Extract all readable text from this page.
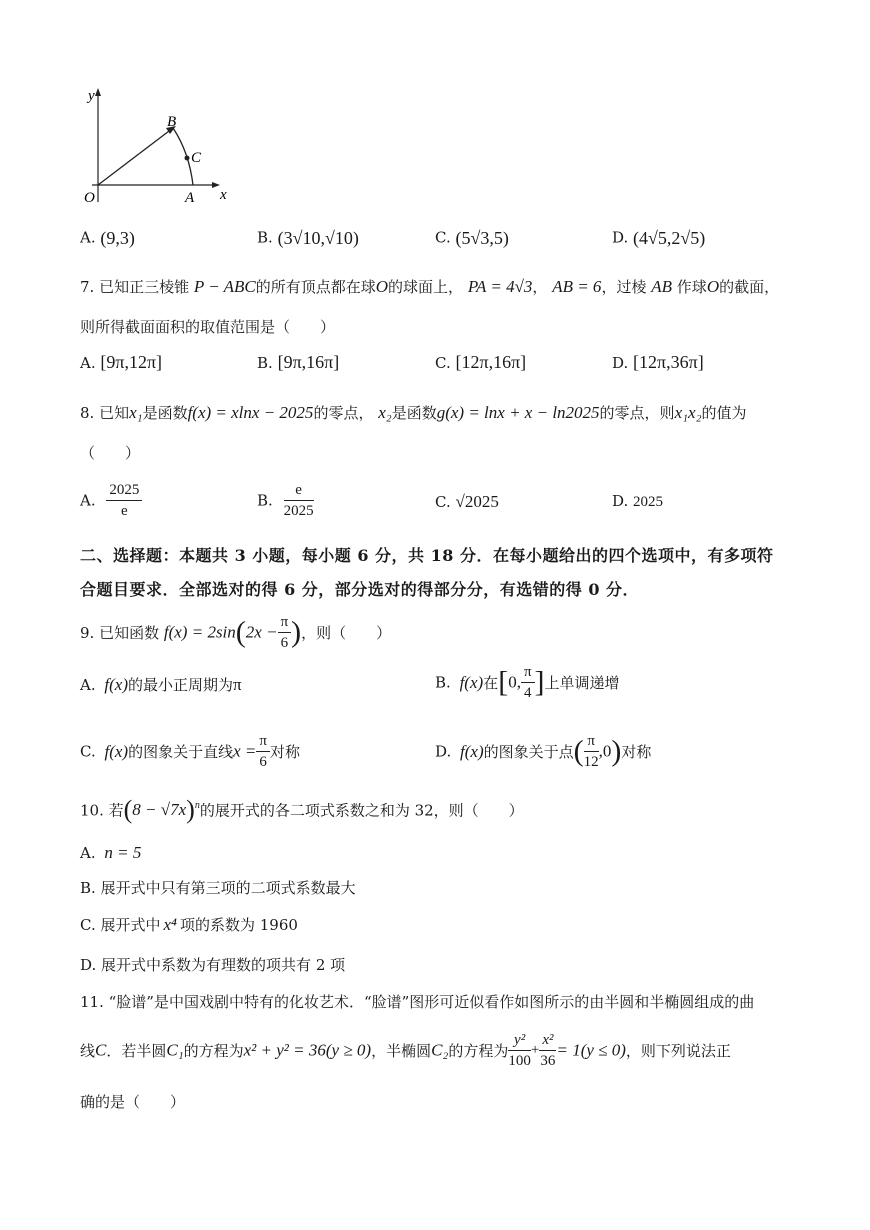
y
x
O	A
B
C
A. (9,3)	B. (3√10,√10)	C. (5√3,5)	D. (4√5,2√5)
7. 已知正三棱锥 P − ABC的所有顶点都在球O的球面上， PA = 4√3， AB = 6，过棱 AB 作球O的截面，
则所得截面面积的取值范围是（　　）
A. [9π,12π]	B. [9π,16π]	C. [12π,16π]	D. [12π,36π]
8. 已知x₁是函数f(x) = xlnx − 2025的零点， x₂是函数g(x) = lnx + x − ln2025的零点，则x₁x₂的值为
（　　）
A. $\frac{2025}{e}$	B. $\frac{e}{2025}$	C. √2025	D. 2025
二、选择题：本题共 3 小题，每小题 6 分，共 18 分．在每小题给出的四个选项中，有多项符
合题目要求．全部选对的得 6 分，部分选对的得部分分，有选错的得 0 分．
9. 已知函数 $f(x) = 2\sin(2x - \frac{\pi}{6}$ )，则（　　）
A. f(x)的最小正周期为π	B. f(x)在[0, $\frac{\pi}{4}$ ]上单调递增
C. f(x)的图象关于直线$x = \frac{\pi}{6}$ 对称	D. f(x)的图象关于点( $\frac{\pi}{12} ,0$)对称
10. 若$(8 - √7x)^n$的展开式的各二项式系数之和为 32，则（　　）
A. n = 5
B. 展开式中只有第三项的二项式系数最大
C. 展开式中 x⁴ 项的系数为 1960
D. 展开式中系数为有理数的项共有 2 项
11. “脸谱”是中国戏剧中特有的化妆艺术．“脸谱”图形可近似看作如图所示的由半圆和半椭圆组成的曲
线C．若半圆C₁的方程为x² + y² = 36(y ≥ 0)，半椭圆C₂的方程为 $\frac{\text{y²}}{100} + \frac{\text{x²}}{36} = 1(y \le 0)$，则下列说法正
确的是（　　）
